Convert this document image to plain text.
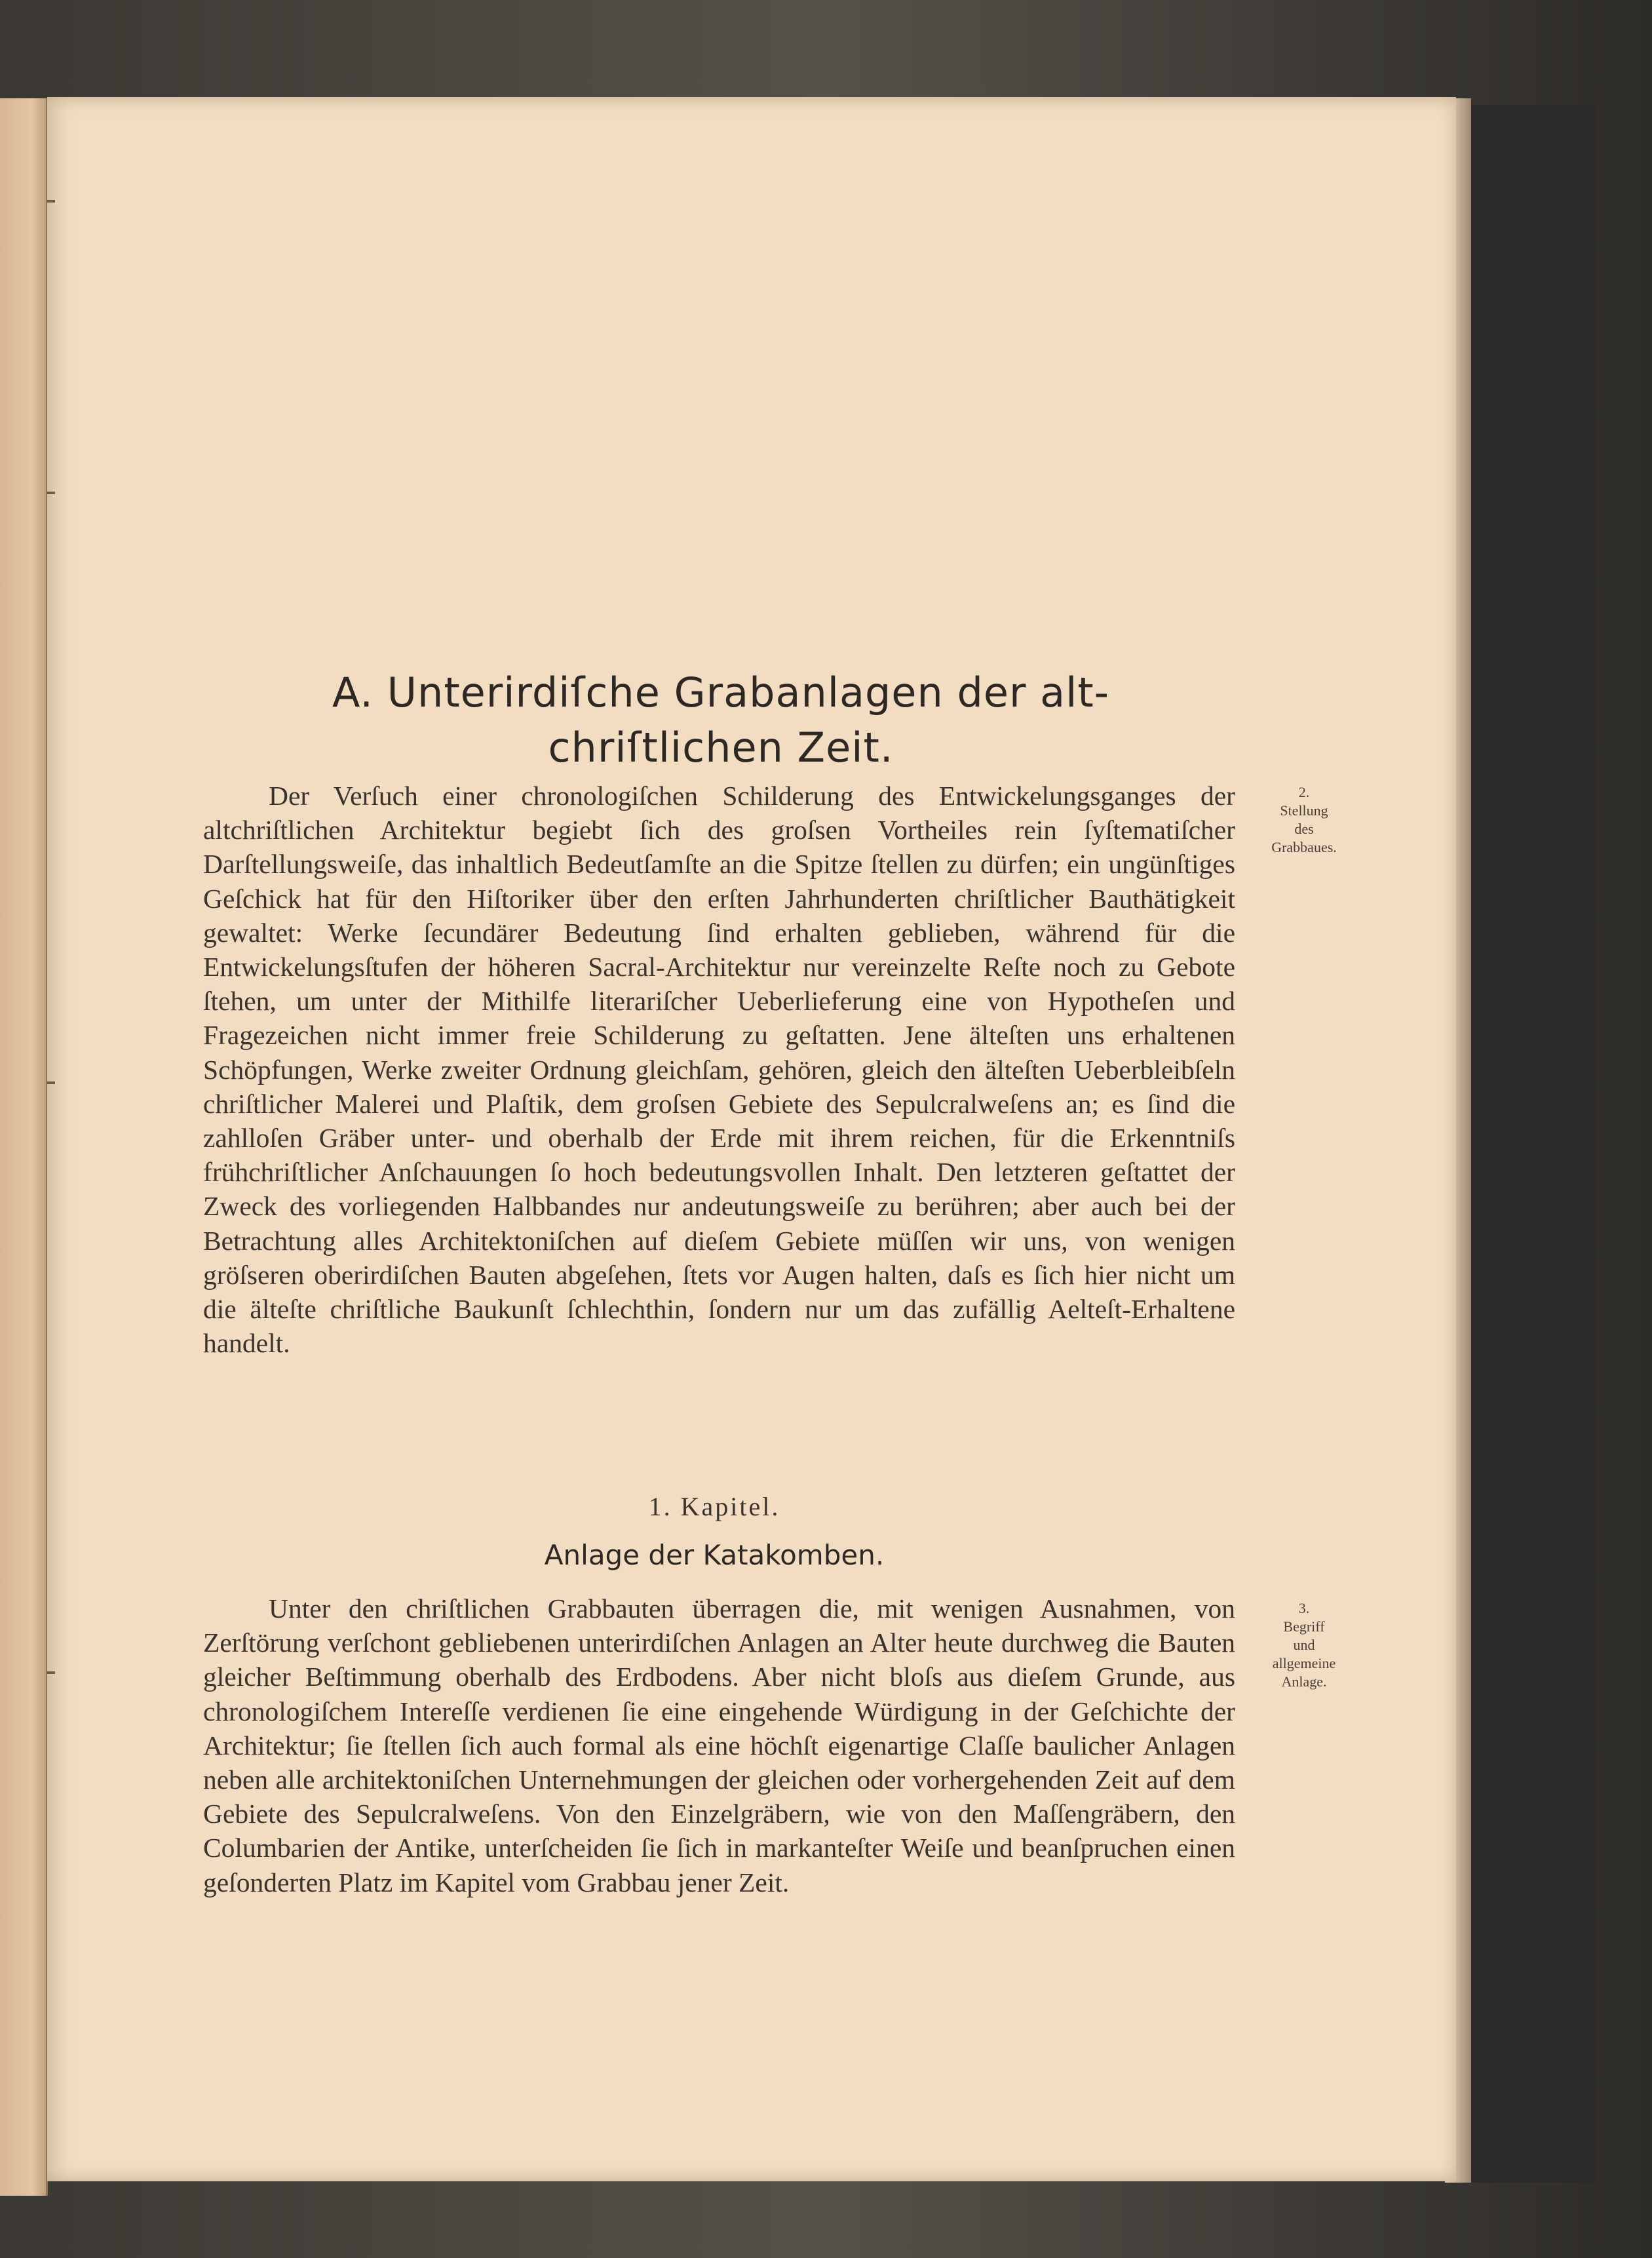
A. Unterirdiſche Grabanlagen der alt-
chriſtlichen Zeit.

Der Verſuch einer chronologiſchen Schilderung des Entwickelungsganges der altchriſtlichen Architektur begiebt ſich des groſsen Vortheiles rein ſyſtematiſcher Darſtellungsweiſe, das inhaltlich Bedeutſamſte an die Spitze ſtellen zu dürfen; ein ungünſtiges Geſchick hat für den Hiſtoriker über den erſten Jahrhunderten chriſtlicher Bauthätigkeit gewaltet: Werke ſecundärer Bedeutung ſind erhalten geblieben, während für die Entwickelungsſtufen der höheren Sacral-Architektur nur vereinzelte Reſte noch zu Gebote ſtehen, um unter der Mithilfe literariſcher Ueberlieferung eine von Hypotheſen und Fragezeichen nicht immer freie Schilderung zu geſtatten. Jene älteſten uns erhaltenen Schöpfungen, Werke zweiter Ordnung gleichſam, gehören, gleich den älteſten Ueberbleibſeln chriſtlicher Malerei und Plaſtik, dem groſsen Gebiete des Sepulcralweſens an; es ſind die zahlloſen Gräber unter- und oberhalb der Erde mit ihrem reichen, für die Erkenntniſs frühchriſtlicher Anſchauungen ſo hoch bedeutungsvollen Inhalt. Den letzteren geſtattet der Zweck des vorliegenden Halbbandes nur andeutungsweiſe zu berühren; aber auch bei der Betrachtung alles Architektoniſchen auf dieſem Gebiete müſſen wir uns, von wenigen gröſseren oberirdiſchen Bauten abgeſehen, ſtets vor Augen halten, daſs es ſich hier nicht um die älteſte chriſtliche Baukunſt ſchlechthin, ſondern nur um das zufällig Aelteſt-Erhaltene handelt.

2.
Stellung
des
Grabbaues.
1. Kapitel.
Anlage der Katakomben.

Unter den chriſtlichen Grabbauten überragen die, mit wenigen Ausnahmen, von Zerſtörung verſchont gebliebenen unterirdiſchen Anlagen an Alter heute durchweg die Bauten gleicher Beſtimmung oberhalb des Erdbodens. Aber nicht bloſs aus dieſem Grunde, aus chronologiſchem Intereſſe verdienen ſie eine eingehende Würdigung in der Geſchichte der Architektur; ſie ſtellen ſich auch formal als eine höchſt eigenartige Claſſe baulicher Anlagen neben alle architektoniſchen Unternehmungen der gleichen oder vorhergehenden Zeit auf dem Gebiete des Sepulcralweſens. Von den Einzelgräbern, wie von den Maſſengräbern, den Columbarien der Antike, unterſcheiden ſie ſich in markanteſter Weiſe und beanſpruchen einen geſonderten Platz im Kapitel vom Grabbau jener Zeit.

3.
Begriff
und
allgemeine
Anlage.
